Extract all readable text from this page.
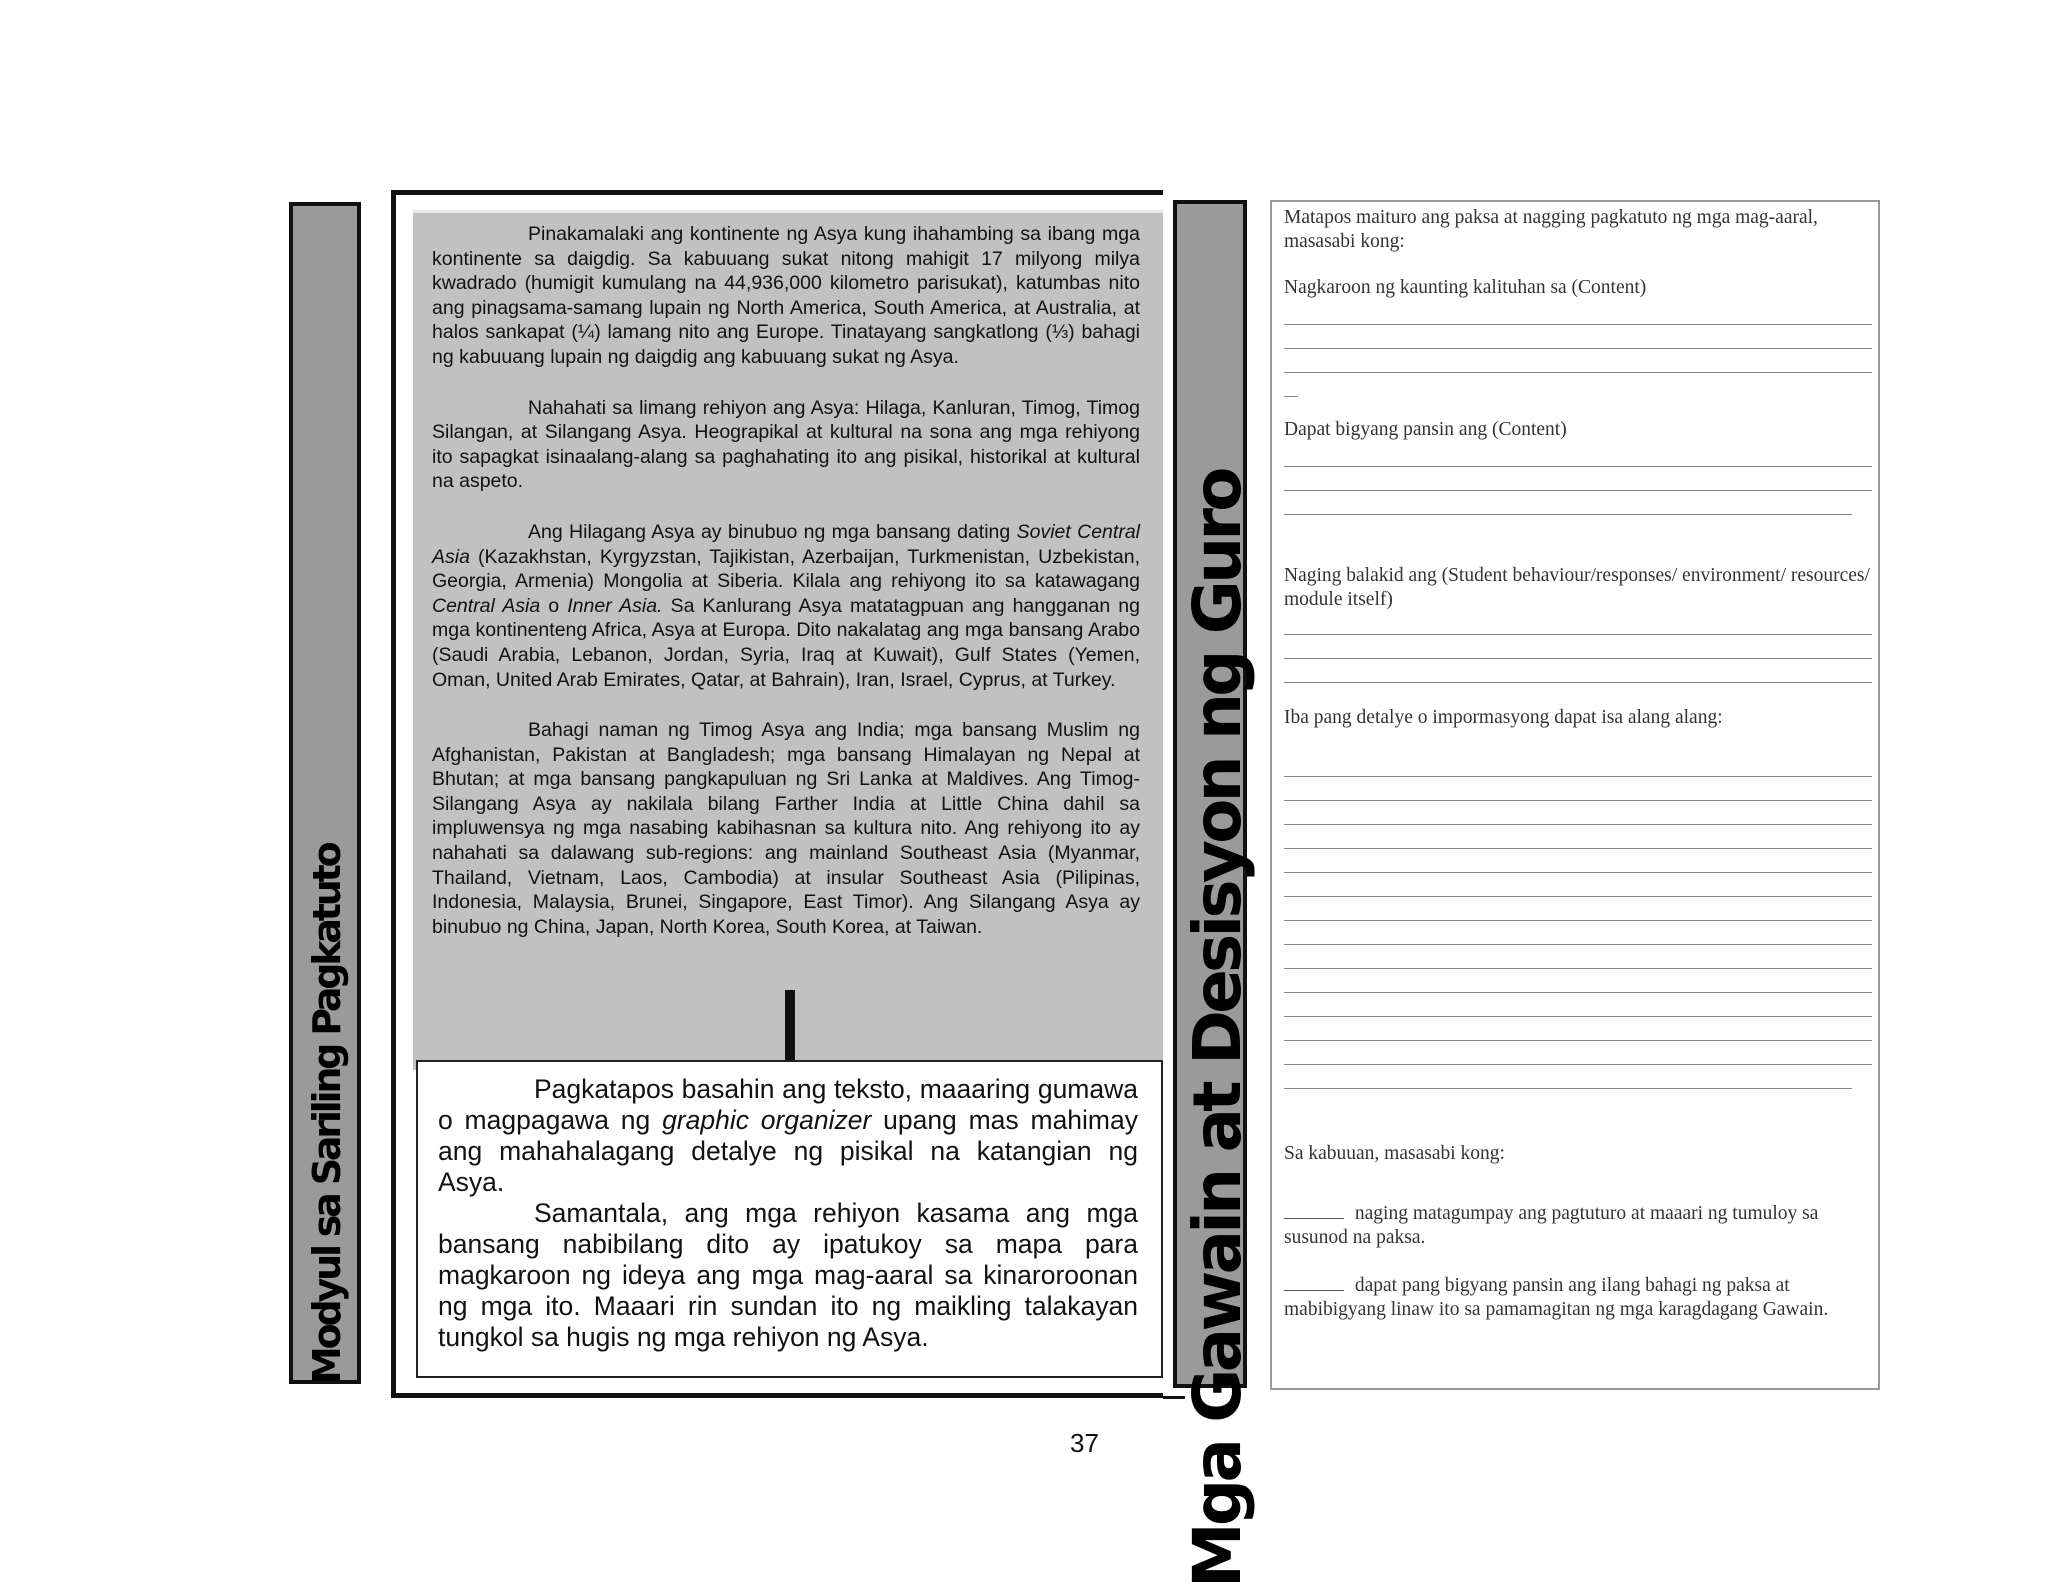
Modyul sa Sariling Pagkatuto

Pinakamalaki ang kontinente ng Asya kung ihahambing sa ibang mga kontinente sa daigdig. Sa kabuuang sukat nitong mahigit 17 milyong milya kwadrado (humigit kumulang na 44,936,000 kilometro parisukat), katumbas nito ang pinagsama-samang lupain ng North America, South America, at Australia, at halos sankapat (¼) lamang nito ang Europe. Tinatayang sangkatlong (⅓) bahagi ng kabuuang lupain ng daigdig ang kabuuang sukat ng Asya.

Nahahati sa limang rehiyon ang Asya: Hilaga, Kanluran, Timog, Timog Silangan, at Silangang Asya. Heograpikal at kultural na sona ang mga rehiyong ito sapagkat isinaalang-alang sa paghahating ito ang pisikal, historikal at kultural na aspeto.

Ang Hilagang Asya ay binubuo ng mga bansang dating Soviet Central Asia (Kazakhstan, Kyrgyzstan, Tajikistan, Azerbaijan, Turkmenistan, Uzbekistan, Georgia, Armenia) Mongolia at Siberia. Kilala ang rehiyong ito sa katawagang Central Asia o Inner Asia. Sa Kanlurang Asya matatagpuan ang hangganan ng mga kontinenteng Africa, Asya at Europa. Dito nakalatag ang mga bansang Arabo (Saudi Arabia, Lebanon, Jordan, Syria, Iraq at Kuwait), Gulf States (Yemen, Oman, United Arab Emirates, Qatar, at Bahrain), Iran, Israel, Cyprus, at Turkey.

Bahagi naman ng Timog Asya ang India; mga bansang Muslim ng Afghanistan, Pakistan at Bangladesh; mga bansang Himalayan ng Nepal at Bhutan; at mga bansang pangkapuluan ng Sri Lanka at Maldives. Ang Timog-Silangang Asya ay nakilala bilang Farther India at Little China dahil sa impluwensya ng mga nasabing kabihasnan sa kultura nito. Ang rehiyong ito ay nahahati sa dalawang sub-regions: ang mainland Southeast Asia (Myanmar, Thailand, Vietnam, Laos, Cambodia) at insular Southeast Asia (Pilipinas, Indonesia, Malaysia, Brunei, Singapore, East Timor). Ang Silangang Asya ay binubuo ng China, Japan, North Korea, South Korea, at Taiwan.

Pagkatapos basahin ang teksto, maaaring gumawa o magpagawa ng graphic organizer upang mas mahimay ang mahahalagang detalye ng pisikal na katangian ng Asya.

Samantala, ang mga rehiyon kasama ang mga bansang nabibilang dito ay ipatukoy sa mapa para magkaroon ng ideya ang mga mag-aaral sa kinaroroonan ng mga ito. Maaari rin sundan ito ng maikling talakayan tungkol sa hugis ng mga rehiyon ng Asya.	Mga Gawain at Desisyon ng Guro
Matapos maituro ang paksa at nagging pagkatuto ng mga mag-aaral, masasabi kong:
Nagkaroon ng kaunting kalituhan sa (Content)
Dapat bigyang pansin ang (Content)
Naging balakid ang (Student behaviour/responses/ environment/ resources/ module itself)
Iba pang detalye o impormasyong dapat isa alang alang:
Sa kabuuan, masasabi kong:
naging matagumpay ang pagtuturo at maaari ng tumuloy sa susunod na paksa.
dapat pang bigyang pansin ang ilang bahagi ng paksa at mabibigyang linaw ito sa pamamagitan ng mga karagdagang Gawain.
37
